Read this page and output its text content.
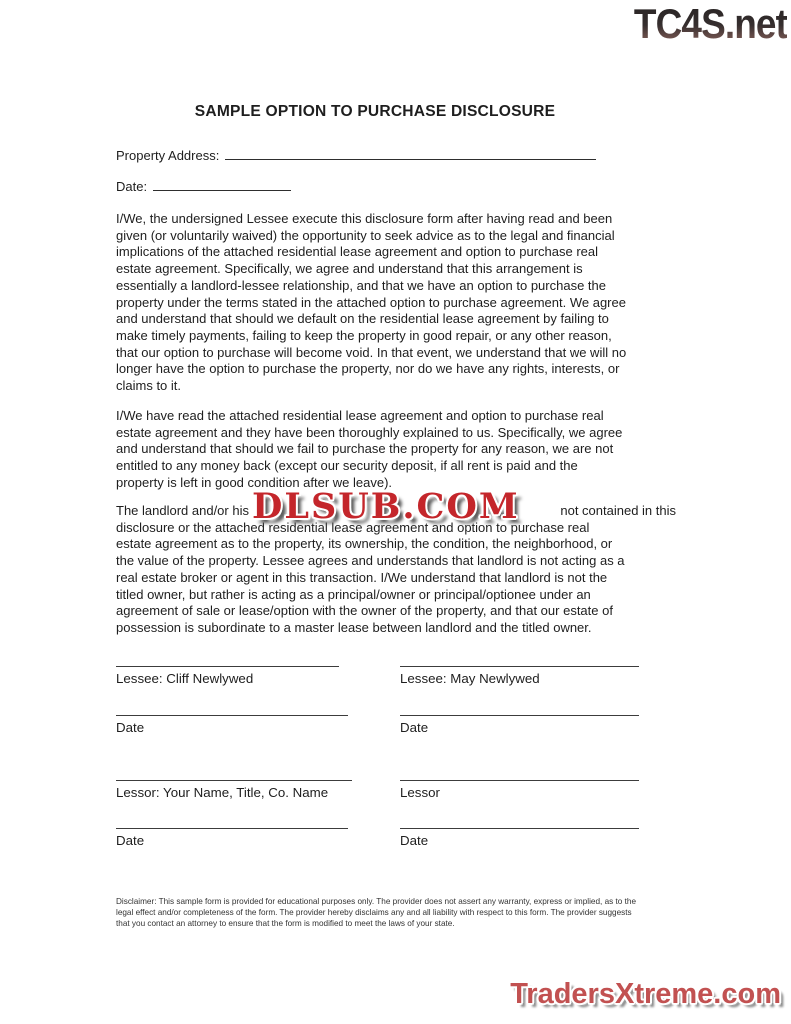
TC4S.net
SAMPLE OPTION TO PURCHASE DISCLOSURE
Property Address:
Date:
I/We, the undersigned Lessee execute this disclosure form after having read and been
given (or voluntarily waived) the opportunity to seek advice as to the legal and financial
implications of the attached residential lease agreement and option to purchase real
estate agreement. Specifically, we agree and understand that this arrangement is
essentially a landlord-lessee relationship, and that we have an option to purchase the
property under the terms stated in the attached option to purchase agreement. We agree
and understand that should we default on the residential lease agreement by failing to
make timely payments, failing to keep the property in good repair, or any other reason,
that our option to purchase will become void. In that event, we understand that we will no
longer have the option to purchase the property, nor do we have any rights, interests, or
claims to it.
I/We have read the attached residential lease agreement and option to purchase real
estate agreement and they have been thoroughly explained to us. Specifically, we agree
and understand that should we fail to purchase the property for any reason, we are not
entitled to any money back (except our security deposit, if all rent is paid and the
property is left in good condition after we leave).
The landlord and/or his	not contained in this
disclosure or the attached residential lease agreement and option to purchase real
estate agreement as to the property, its ownership, the condition, the neighborhood, or
the value of the property. Lessee agrees and understands that landlord is not acting as a
real estate broker or agent in this transaction. I/We understand that landlord is not the
titled owner, but rather is acting as a principal/owner or principal/optionee under an
agreement of sale or lease/option with the owner of the property, and that our estate of
possession is subordinate to a master lease between landlord and the titled owner.
DLSUB.COM
Lessee: Cliff Newlywed	Lessee: May Newlywed
Date	Date
Lessor: Your Name, Title, Co. Name	Lessor
Date	Date
Disclaimer: This sample form is provided for educational purposes only. The provider does not assert any warranty, express or implied, as to the
legal effect and/or completeness of the form. The provider hereby disclaims any and all liability with respect to this form. The provider suggests
that you contact an attorney to ensure that the form is modified to meet the laws of your state.
TradersXtreme.com
